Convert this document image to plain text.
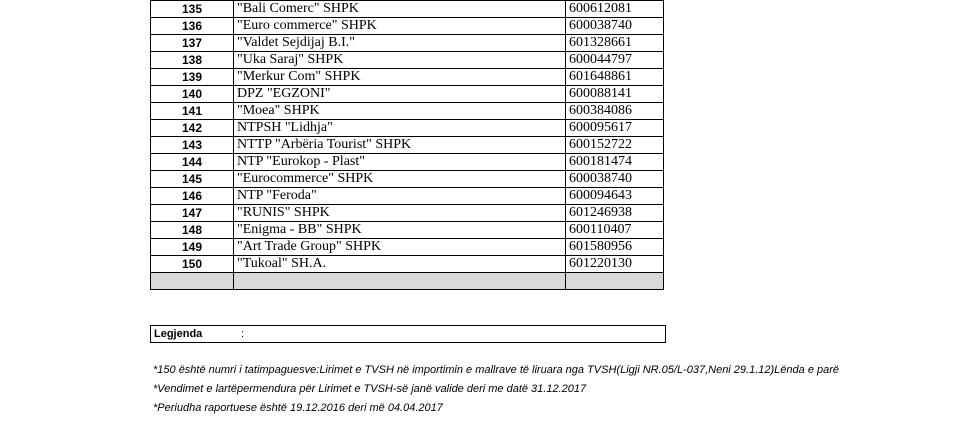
135	"Bali Comerc" SHPK	600612081
136	"Euro commerce" SHPK	600038740
137	"Valdet Sejdijaj B.I."	601328661
138	"Uka Saraj" SHPK	600044797
139	"Merkur Com" SHPK	601648861
140	DPZ "EGZONI"	600088141
141	"Moea" SHPK	600384086
142	NTPSH "Lidhja"	600095617
143	NTTP "Arbëria Tourist" SHPK	600152722
144	NTP "Eurokop - Plast"	600181474
145	"Eurocommerce" SHPK	600038740
146	NTP "Feroda"	600094643
147	"RUNIS" SHPK	601246938
148	"Enigma - BB" SHPK	600110407
149	"Art Trade Group" SHPK	601580956
150	"Tukoal" SH.A.	601220130

Legjenda	:
*150 është numri i tatimpaguesve:Lirimet e TVSH në importimin e mallrave të liruara nga TVSH(Ligji NR.05/L-037,Neni 29.1.12)Lënda e parë
*Vendimet e lartëpermendura për Lirimet e TVSH-së janë valide deri me datë 31.12.2017
*Periudha raportuese është 19.12.2016 deri më 04.04.2017
